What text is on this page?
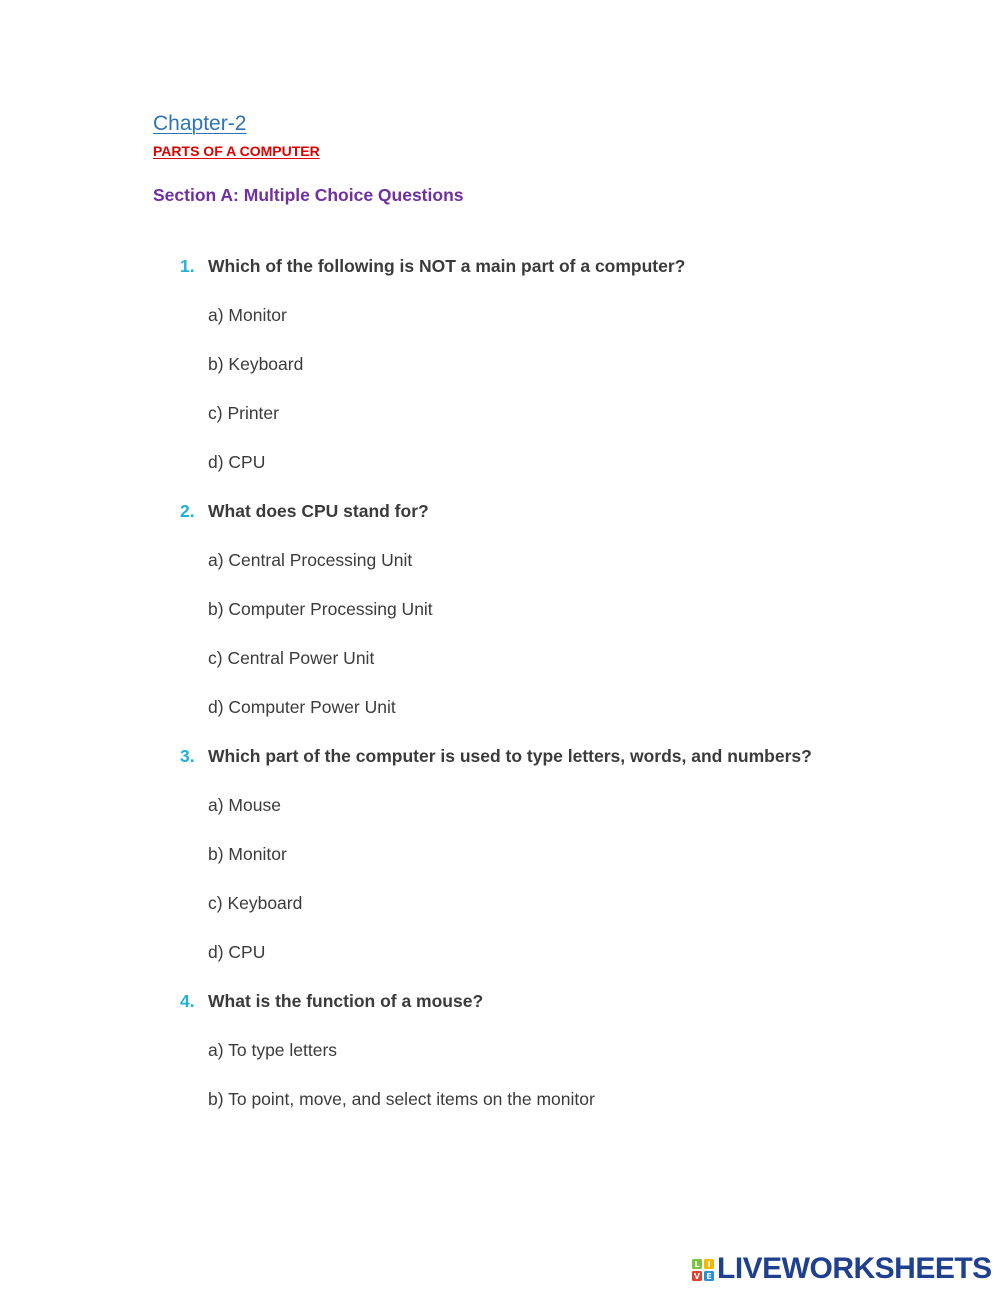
Chapter-2
PARTS OF A COMPUTER
Section A: Multiple Choice Questions
1. Which of the following is NOT a main part of a computer?
a) Monitor
b) Keyboard
c) Printer
d) CPU
2. What does CPU stand for?
a) Central Processing Unit
b) Computer Processing Unit
c) Central Power Unit
d) Computer Power Unit
3. Which part of the computer is used to type letters, words, and numbers?
a) Mouse
b) Monitor
c) Keyboard
d) CPU
4. What is the function of a mouse?
a) To type letters
b) To point, move, and select items on the monitor
L I
V E LIVEWORKSHEETS
